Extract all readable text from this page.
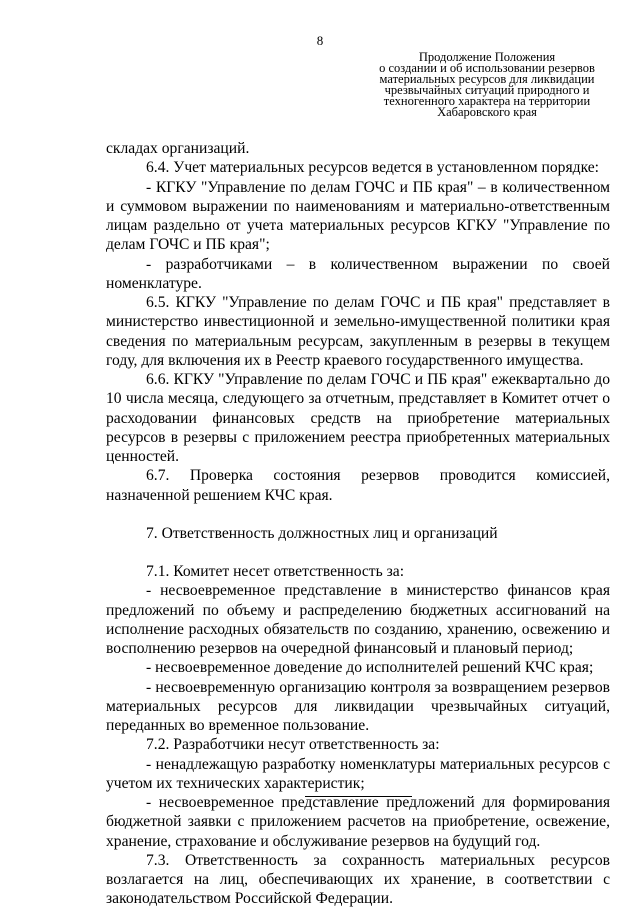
8
Продолжение Положения
о создании и об использовании резервов
материальных ресурсов для ликвидации
чрезвычайных ситуаций природного и
техногенного характера на территории
Хабаровского края

складах организаций.

6.4. Учет материальных ресурсов ведется в установленном порядке:

- КГКУ "Управление по делам ГОЧС и ПБ края" – в количественном и суммовом выражении по наименованиям и материально-ответственным лицам раздельно от учета материальных ресурсов КГКУ "Управление по делам ГОЧС и ПБ края";

- разработчиками – в количественном выражении по своей номенклатуре.

6.5. КГКУ "Управление по делам ГОЧС и ПБ края" представляет в министерство инвестиционной и земельно-имущественной политики края сведения по материальным ресурсам, закупленным в резервы в текущем году, для включения их в Реестр краевого государственного имущества.

6.6. КГКУ "Управление по делам ГОЧС и ПБ края" ежеквартально до 10 числа месяца, следующего за отчетным, представляет в Комитет отчет о расходовании финансовых средств на приобретение материальных ресурсов в резервы с приложением реестра приобретенных материальных ценностей.

6.7. Проверка состояния резервов проводится комиссией, назначенной решением КЧС края.

7. Ответственность должностных лиц и организаций

7.1. Комитет несет ответственность за:

- несвоевременное представление в министерство финансов края предложений по объему и распределению бюджетных ассигнований на исполнение расходных обязательств по созданию, хранению, освежению и восполнению резервов на очередной финансовый и плановый период;

- несвоевременное доведение до исполнителей решений КЧС края;

- несвоевременную организацию контроля за возвращением резервов материальных ресурсов для ликвидации чрезвычайных ситуаций, переданных во временное пользование.

7.2. Разработчики несут ответственность за:

- ненадлежащую разработку номенклатуры материальных ресурсов с учетом их технических характеристик;

- несвоевременное представление предложений для формирования бюджетной заявки с приложением расчетов на приобретение, освежение, хранение, страхование и обслуживание резервов на будущий год.

7.3. Ответственность за сохранность материальных ресурсов возлагается на лиц, обеспечивающих их хранение, в соответствии с законодательством Российской Федерации.
